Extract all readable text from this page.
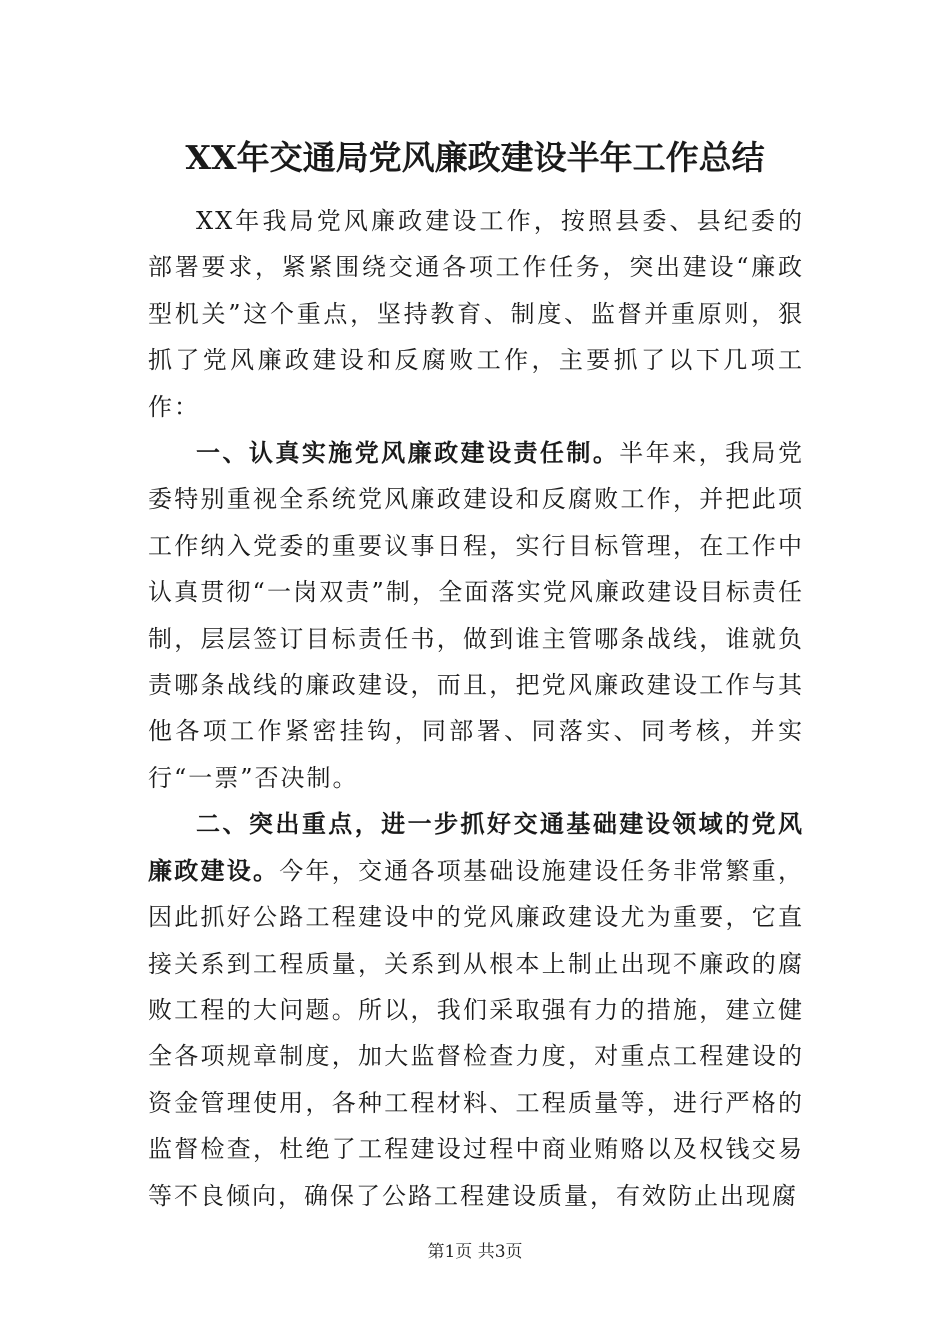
XX年交通局党风廉政建设半年工作总结

XX年我局党风廉政建设工作，按照县委、县纪委的部署要求，紧紧围绕交通各项工作任务，突出建设“廉政型机关”这个重点，坚持教育、制度、监督并重原则，狠抓了党风廉政建设和反腐败工作，主要抓了以下几项工作：

一、认真实施党风廉政建设责任制。半年来，我局党委特别重视全系统党风廉政建设和反腐败工作，并把此项工作纳入党委的重要议事日程，实行目标管理，在工作中认真贯彻“一岗双责”制，全面落实党风廉政建设目标责任制，层层签订目标责任书，做到谁主管哪条战线，谁就负责哪条战线的廉政建设，而且，把党风廉政建设工作与其他各项工作紧密挂钩，同部署、同落实、同考核，并实行“一票”否决制。

二、突出重点，进一步抓好交通基础建设领域的党风廉政建设。今年，交通各项基础设施建设任务非常繁重，因此抓好公路工程建设中的党风廉政建设尤为重要，它直接关系到工程质量，关系到从根本上制止出现不廉政的腐败工程的大问题。所以，我们采取强有力的措施，建立健全各项规章制度，加大监督检查力度，对重点工程建设的资金管理使用，各种工程材料、工程质量等，进行严格的监督检查，杜绝了工程建设过程中商业贿赂以及权钱交易等不良倾向，确保了公路工程建设质量，有效防止出现腐

第1页 共3页
